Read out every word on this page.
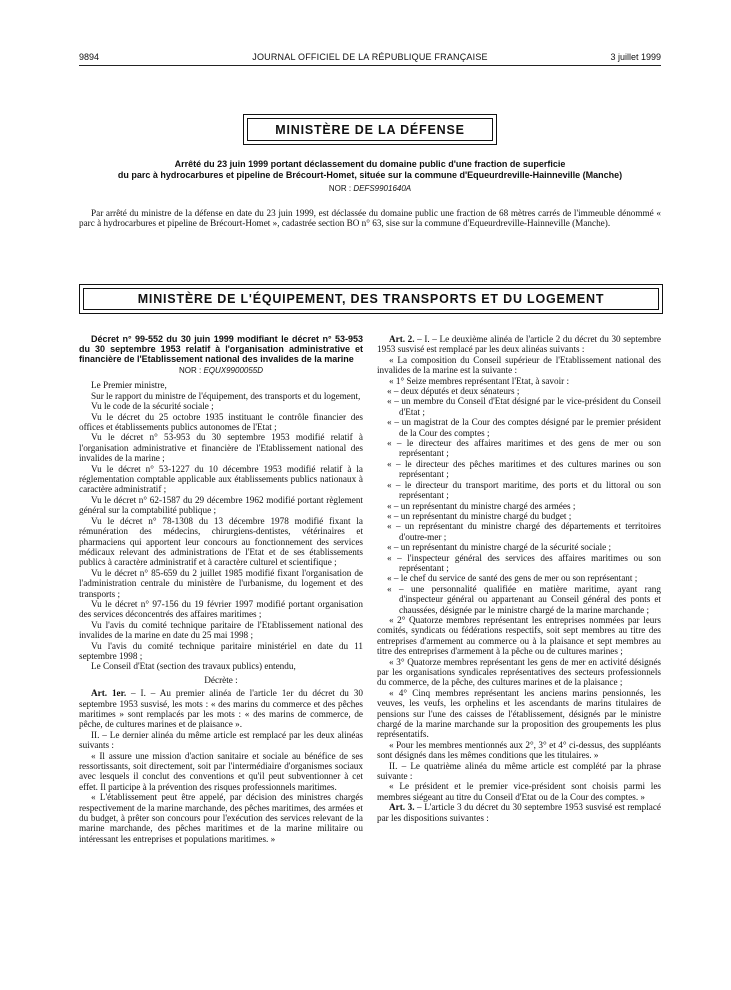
9894	JOURNAL OFFICIEL DE LA RÉPUBLIQUE FRANÇAISE	3 juillet 1999
MINISTÈRE DE LA DÉFENSE
Arrêté du 23 juin 1999 portant déclassement du domaine public d'une fraction de superficie
du parc à hydrocarbures et pipeline de Brécourt-Homet, située sur la commune d'Equeurdreville-Hainneville (Manche)
NOR : DEFS9901640A
Par arrêté du ministre de la défense en date du 23 juin 1999, est déclassée du domaine public une fraction de 68 mètres carrés de l'immeuble dénommé « parc à hydrocarbures et pipeline de Brécourt-Homet », cadastrée section BO n° 63, sise sur la commune d'Equeurdreville-Hainneville (Manche).
MINISTÈRE DE L'ÉQUIPEMENT, DES TRANSPORTS ET DU LOGEMENT

Décret n° 99-552 du 30 juin 1999 modifiant le décret n° 53-953 du 30 septembre 1953 relatif à l'organisation administrative et financière de l'Etablissement national des invalides de la marine

NOR : EQUX9900055D

Le Premier ministre,

Sur le rapport du ministre de l'équipement, des transports et du logement,

Vu le code de la sécurité sociale ;

Vu le décret du 25 octobre 1935 instituant le contrôle financier des offices et établissements publics autonomes de l'Etat ;

Vu le décret n° 53-953 du 30 septembre 1953 modifié relatif à l'organisation administrative et financière de l'Etablissement national des invalides de la marine ;

Vu le décret n° 53-1227 du 10 décembre 1953 modifié relatif à la réglementation comptable applicable aux établissements publics nationaux à caractère administratif ;

Vu le décret n° 62-1587 du 29 décembre 1962 modifié portant règlement général sur la comptabilité publique ;

Vu le décret n° 78-1308 du 13 décembre 1978 modifié fixant la rémunération des médecins, chirurgiens-dentistes, vétérinaires et pharmaciens qui apportent leur concours au fonctionnement des services médicaux relevant des administrations de l'Etat et de ses établissements publics à caractère administratif et à caractère culturel et scientifique ;

Vu le décret n° 85-659 du 2 juillet 1985 modifié fixant l'organisation de l'administration centrale du ministère de l'urbanisme, du logement et des transports ;

Vu le décret n° 97-156 du 19 février 1997 modifié portant organisation des services déconcentrés des affaires maritimes ;

Vu l'avis du comité technique paritaire de l'Etablissement national des invalides de la marine en date du 25 mai 1998 ;

Vu l'avis du comité technique paritaire ministériel en date du 11 septembre 1998 ;

Le Conseil d'Etat (section des travaux publics) entendu,

Décrète :

Art. 1er. – I. – Au premier alinéa de l'article 1er du décret du 30 septembre 1953 susvisé, les mots : « des marins du commerce et des pêches maritimes » sont remplacés par les mots : « des marins de commerce, de pêche, de cultures marines et de plaisance ».

II. – Le dernier alinéa du même article est remplacé par les deux alinéas suivants :

« Il assure une mission d'action sanitaire et sociale au bénéfice de ses ressortissants, soit directement, soit par l'intermédiaire d'organismes sociaux avec lesquels il conclut des conventions et qu'il peut subventionner à cet effet. Il participe à la prévention des risques professionnels maritimes.

« L'établissement peut être appelé, par décision des ministres chargés respectivement de la marine marchande, des pêches maritimes, des armées et du budget, à prêter son concours pour l'exécution des services relevant de la marine marchande, des pêches maritimes et de la marine militaire ou intéressant les entreprises et populations maritimes. »

Art. 2. – I. – Le deuxième alinéa de l'article 2 du décret du 30 septembre 1953 susvisé est remplacé par les deux alinéas suivants :

« La composition du Conseil supérieur de l'Etablissement national des invalides de la marine est la suivante :

« 1° Seize membres représentant l'Etat, à savoir :

« – deux députés et deux sénateurs ;

« – un membre du Conseil d'Etat désigné par le vice-président du Conseil d'Etat ;

« – un magistrat de la Cour des comptes désigné par le premier président de la Cour des comptes ;

« – le directeur des affaires maritimes et des gens de mer ou son représentant ;

« – le directeur des pêches maritimes et des cultures marines ou son représentant ;

« – le directeur du transport maritime, des ports et du littoral ou son représentant ;

« – un représentant du ministre chargé des armées ;

« – un représentant du ministre chargé du budget ;

« – un représentant du ministre chargé des départements et territoires d'outre-mer ;

« – un représentant du ministre chargé de la sécurité sociale ;

« – l'inspecteur général des services des affaires maritimes ou son représentant ;

« – le chef du service de santé des gens de mer ou son représentant ;

« – une personnalité qualifiée en matière maritime, ayant rang d'inspecteur général ou appartenant au Conseil général des ponts et chaussées, désignée par le ministre chargé de la marine marchande ;

« 2° Quatorze membres représentant les entreprises nommées par leurs comités, syndicats ou fédérations respectifs, soit sept membres au titre des entreprises d'armement au commerce ou à la plaisance et sept membres au titre des entreprises d'armement à la pêche ou de cultures marines ;

« 3° Quatorze membres représentant les gens de mer en activité désignés par les organisations syndicales représentatives des secteurs professionnels du commerce, de la pêche, des cultures marines et de la plaisance ;

« 4° Cinq membres représentant les anciens marins pensionnés, les veuves, les veufs, les orphelins et les ascendants de marins titulaires de pensions sur l'une des caisses de l'établissement, désignés par le ministre chargé de la marine marchande sur la proposition des groupements les plus représentatifs.

« Pour les membres mentionnés aux 2°, 3° et 4° ci-dessus, des suppléants sont désignés dans les mêmes conditions que les titulaires. »

II. – Le quatrième alinéa du même article est complété par la phrase suivante :

« Le président et le premier vice-président sont choisis parmi les membres siégeant au titre du Conseil d'Etat ou de la Cour des comptes. »

Art. 3. – L'article 3 du décret du 30 septembre 1953 susvisé est remplacé par les dispositions suivantes :
